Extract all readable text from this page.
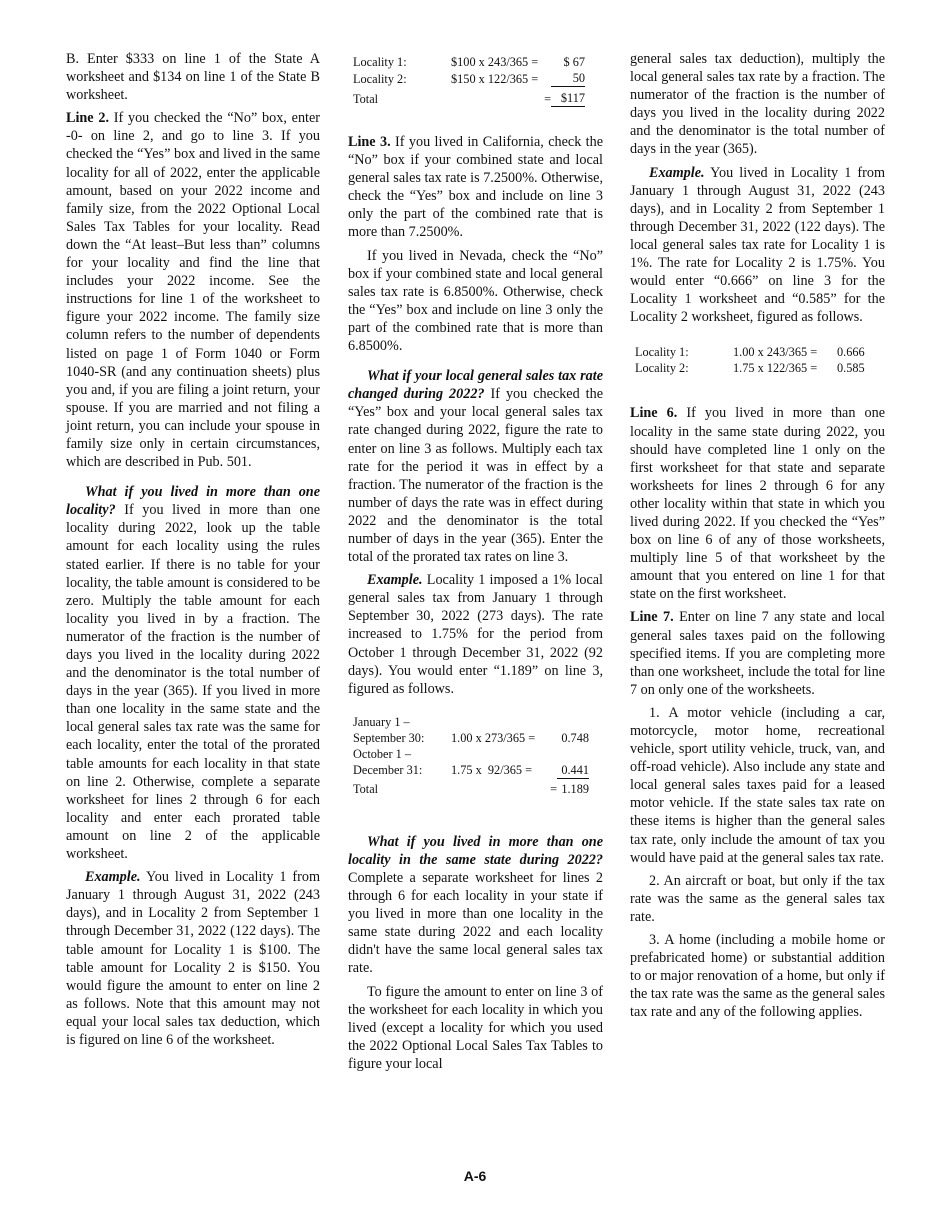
B. Enter $333 on line 1 of the State A worksheet and $134 on line 1 of the State B worksheet.

Line 2. If you checked the “No” box, enter -0- on line 2, and go to line 3. If you checked the “Yes” box and lived in the same locality for all of 2022, enter the applicable amount, based on your 2022 income and family size, from the 2022 Optional Local Sales Tax Tables for your locality. Read down the “At least–But less than” columns for your locality and find the line that includes your 2022 income. See the instructions for line 1 of the worksheet to figure your 2022 income. The family size column refers to the number of dependents listed on page 1 of Form 1040 or Form 1040-SR (and any continuation sheets) plus you and, if you are filing a joint return, your spouse. If you are married and not filing a joint return, you can include your spouse in family size only in certain circumstances, which are described in Pub. 501.

What if you lived in more than one locality? If you lived in more than one locality during 2022, look up the table amount for each locality using the rules stated earlier. If there is no table for your locality, the table amount is considered to be zero. Multiply the table amount for each locality you lived in by a fraction. The numerator of the fraction is the number of days you lived in the locality during 2022 and the denominator is the total number of days in the year (365). If you lived in more than one locality in the same state and the local general sales tax rate was the same for each locality, enter the total of the prorated table amounts for each locality in that state on line 2. Otherwise, complete a separate worksheet for lines 2 through 6 for each locality and enter each prorated table amount on line 2 of the applicable worksheet.

Example. You lived in Locality 1 from January 1 through August 31, 2022 (243 days), and in Locality 2 from September 1 through December 31, 2022 (122 days). The table amount for Locality 1 is $100. The table amount for Locality 2 is $150. You would figure the amount to enter on line 2 as follows. Note that this amount may not equal your local sales tax deduction, which is figured on line 6 of the worksheet.

Locality 1:	$100 x 243/365 =	$ 67
Locality 2:	$150 x 122/365 =	50
Total	=	$117

Line 3. If you lived in California, check the “No” box if your combined state and local general sales tax rate is 7.2500%. Otherwise, check the “Yes” box and include on line 3 only the part of the combined rate that is more than 7.2500%.

If you lived in Nevada, check the “No” box if your combined state and local general sales tax rate is 6.8500%. Otherwise, check the “Yes” box and include on line 3 only the part of the combined rate that is more than 6.8500%.

What if your local general sales tax rate changed during 2022? If you checked the “Yes” box and your local general sales tax rate changed during 2022, figure the rate to enter on line 3 as follows. Multiply each tax rate for the period it was in effect by a fraction. The numerator of the fraction is the number of days the rate was in effect during 2022 and the denominator is the total number of days in the year (365). Enter the total of the prorated tax rates on line 3.

Example. Locality 1 imposed a 1% local general sales tax from January 1 through September 30, 2022 (273 days). The rate increased to 1.75% for the period from October 1 through December 31, 2022 (92 days). You would enter “1.189” on line 3, figured as follows.

January 1 –		
September 30:	1.00 x 273/365 =	0.748
October 1 –		
December 31:	1.75 x  92/365 =	0.441
Total	=	1.189

What if you lived in more than one locality in the same state during 2022? Complete a separate worksheet for lines 2 through 6 for each locality in your state if you lived in more than one locality in the same state during 2022 and each locality didn't have the same local general sales tax rate.

To figure the amount to enter on line 3 of the worksheet for each locality in which you lived (except a locality for which you used the 2022 Optional Local Sales Tax Tables to figure your local

general sales tax deduction), multiply the local general sales tax rate by a fraction. The numerator of the fraction is the number of days you lived in the locality during 2022 and the denominator is the total number of days in the year (365).

Example. You lived in Locality 1 from January 1 through August 31, 2022 (243 days), and in Locality 2 from September 1 through December 31, 2022 (122 days). The local general sales tax rate for Locality 1 is 1%. The rate for Locality 2 is 1.75%. You would enter “0.666” on line 3 for the Locality 1 worksheet and “0.585” for the Locality 2 worksheet, figured as follows.

Locality 1:	1.00 x 243/365 =	0.666
Locality 2:	1.75 x 122/365 =	0.585

Line 6. If you lived in more than one locality in the same state during 2022, you should have completed line 1 only on the first worksheet for that state and separate worksheets for lines 2 through 6 for any other locality within that state in which you lived during 2022. If you checked the “Yes” box on line 6 of any of those worksheets, multiply line 5 of that worksheet by the amount that you entered on line 1 for that state on the first worksheet.

Line 7. Enter on line 7 any state and local general sales taxes paid on the following specified items. If you are completing more than one worksheet, include the total for line 7 on only one of the worksheets.

1. A motor vehicle (including a car, motorcycle, motor home, recreational vehicle, sport utility vehicle, truck, van, and off-road vehicle). Also include any state and local general sales taxes paid for a leased motor vehicle. If the state sales tax rate on these items is higher than the general sales tax rate, only include the amount of tax you would have paid at the general sales tax rate.

2. An aircraft or boat, but only if the tax rate was the same as the general sales tax rate.

3. A home (including a mobile home or prefabricated home) or substantial addition to or major renovation of a home, but only if the tax rate was the same as the general sales tax rate and any of the following applies.

A-6
